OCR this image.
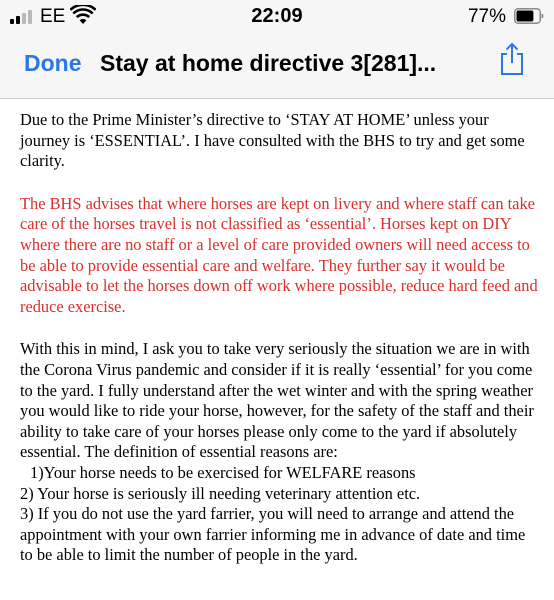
EE	22:09	77%
Done Stay at home directive 3[281]...

Due to the Prime Minister’s directive to ‘STAY AT HOME’ unless your journey is ‘ESSENTIAL’. I have consulted with the BHS to try and get some clarity.

The BHS advises that where horses are kept on livery and where staff can take care of the horses travel is not classified as ‘essential’. Horses kept on DIY where there are no staff or a level of care provided owners will need access to be able to provide essential care and welfare. They further say it would be advisable to let the horses down off work where possible, reduce hard feed and reduce exercise.

With this in mind, I ask you to take very seriously the situation we are in with the Corona Virus pandemic and consider if it is really ‘essential’ for you come to the yard. I fully understand after the wet winter and with the spring weather you would like to ride your horse, however, for the safety of the staff and their ability to take care of your horses please only come to the yard if absolutely essential. The definition of essential reasons are:

1)Your horse needs to be exercised for WELFARE reasons

2) Your horse is seriously ill needing veterinary attention etc.

3) If you do not use the yard farrier, you will need to arrange and attend the appointment with your own farrier informing me in advance of date and time to be able to limit the number of people in the yard.
